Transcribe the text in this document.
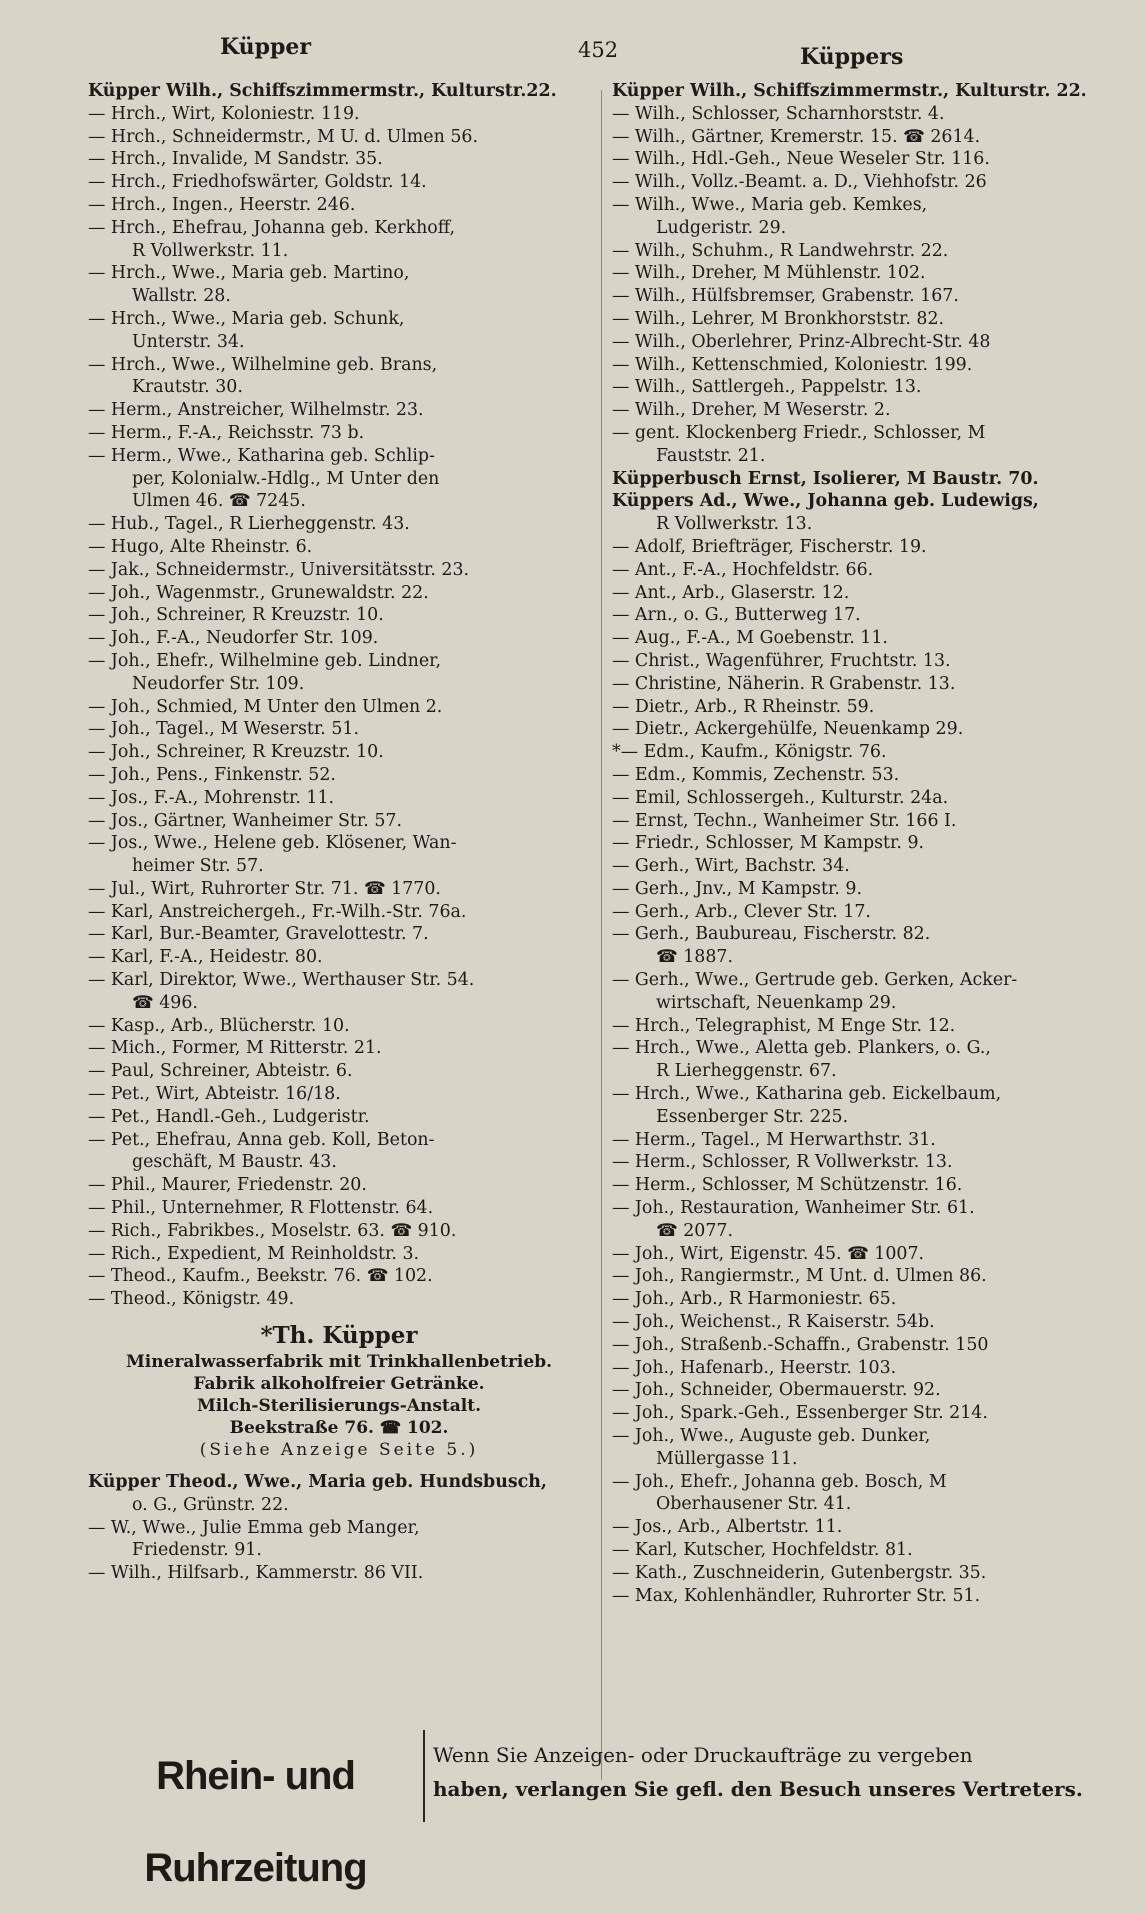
Küpper	452	Küppers

Küpper Wilh., Schiffszimmermstr., Kulturstr.22.

— Hrch., Wirt, Koloniestr. 119.

— Hrch., Schneidermstr., M U. d. Ulmen 56.

— Hrch., Invalide, M Sandstr. 35.

— Hrch., Friedhofswärter, Goldstr. 14.

— Hrch., Ingen., Heerstr. 246.

— Hrch., Ehefrau, Johanna geb. Kerkhoff,
R Vollwerkstr. 11.

— Hrch., Wwe., Maria geb. Martino,
Wallstr. 28.

— Hrch., Wwe., Maria geb. Schunk,
Unterstr. 34.

— Hrch., Wwe., Wilhelmine geb. Brans,
Krautstr. 30.

— Herm., Anstreicher, Wilhelmstr. 23.

— Herm., F.-A., Reichsstr. 73 b.

— Herm., Wwe., Katharina geb. Schlip-
per, Kolonialw.-Hdlg., M Unter den
Ulmen 46. ☎ 7245.

— Hub., Tagel., R Lierheggenstr. 43.

— Hugo, Alte Rheinstr. 6.

— Jak., Schneidermstr., Universitätsstr. 23.

— Joh., Wagenmstr., Grunewaldstr. 22.

— Joh., Schreiner, R Kreuzstr. 10.

— Joh., F.-A., Neudorfer Str. 109.

— Joh., Ehefr., Wilhelmine geb. Lindner,
Neudorfer Str. 109.

— Joh., Schmied, M Unter den Ulmen 2.

— Joh., Tagel., M Weserstr. 51.

— Joh., Schreiner, R Kreuzstr. 10.

— Joh., Pens., Finkenstr. 52.

— Jos., F.-A., Mohrenstr. 11.

— Jos., Gärtner, Wanheimer Str. 57.

— Jos., Wwe., Helene geb. Klösener, Wan-
heimer Str. 57.

— Jul., Wirt, Ruhrorter Str. 71. ☎ 1770.

— Karl, Anstreichergeh., Fr.-Wilh.-Str. 76a.

— Karl, Bur.-Beamter, Gravelottestr. 7.

— Karl, F.-A., Heidestr. 80.

— Karl, Direktor, Wwe., Werthauser Str. 54.
☎ 496.

— Kasp., Arb., Blücherstr. 10.

— Mich., Former, M Ritterstr. 21.

— Paul, Schreiner, Abteistr. 6.

— Pet., Wirt, Abteistr. 16/18.

— Pet., Handl.-Geh., Ludgeristr.

— Pet., Ehefrau, Anna geb. Koll, Beton-
geschäft, M Baustr. 43.

— Phil., Maurer, Friedenstr. 20.

— Phil., Unternehmer, R Flottenstr. 64.

— Rich., Fabrikbes., Moselstr. 63. ☎ 910.

— Rich., Expedient, M Reinholdstr. 3.

— Theod., Kaufm., Beekstr. 76. ☎ 102.

— Theod., Königstr. 49.

*Th. Küpper
Mineralwasserfabrik mit Trinkhallenbetrieb.
Fabrik alkoholfreier Getränke.
Milch-Sterilisierungs-Anstalt.
Beekstraße 76. ☎ 102.
(Siehe Anzeige Seite 5.)

Küpper Theod., Wwe., Maria geb. Hundsbusch,
o. G., Grünstr. 22.

— W., Wwe., Julie Emma geb Manger,
Friedenstr. 91.

— Wilh., Hilfsarb., Kammerstr. 86 VII.

Küpper Wilh., Schiffszimmermstr., Kulturstr. 22.

— Wilh., Schlosser, Scharnhorststr. 4.

— Wilh., Gärtner, Kremerstr. 15. ☎ 2614.

— Wilh., Hdl.-Geh., Neue Weseler Str. 116.

— Wilh., Vollz.-Beamt. a. D., Viehhofstr. 26

— Wilh., Wwe., Maria geb. Kemkes,
Ludgeristr. 29.

— Wilh., Schuhm., R Landwehrstr. 22.

— Wilh., Dreher, M Mühlenstr. 102.

— Wilh., Hülfsbremser, Grabenstr. 167.

— Wilh., Lehrer, M Bronkhorststr. 82.

— Wilh., Oberlehrer, Prinz-Albrecht-Str. 48

— Wilh., Kettenschmied, Koloniestr. 199.

— Wilh., Sattlergeh., Pappelstr. 13.

— Wilh., Dreher, M Weserstr. 2.

— gent. Klockenberg Friedr., Schlosser, M
Fauststr. 21.

Küpperbusch Ernst, Isolierer, M Baustr. 70.

Küppers Ad., Wwe., Johanna geb. Ludewigs,
R Vollwerkstr. 13.

— Adolf, Briefträger, Fischerstr. 19.

— Ant., F.-A., Hochfeldstr. 66.

— Ant., Arb., Glaserstr. 12.

— Arn., o. G., Butterweg 17.

— Aug., F.-A., M Goebenstr. 11.

— Christ., Wagenführer, Fruchtstr. 13.

— Christine, Näherin. R Grabenstr. 13.

— Dietr., Arb., R Rheinstr. 59.

— Dietr., Ackergehülfe, Neuenkamp 29.

*— Edm., Kaufm., Königstr. 76.

— Edm., Kommis, Zechenstr. 53.

— Emil, Schlossergeh., Kulturstr. 24a.

— Ernst, Techn., Wanheimer Str. 166 I.

— Friedr., Schlosser, M Kampstr. 9.

— Gerh., Wirt, Bachstr. 34.

— Gerh., Jnv., M Kampstr. 9.

— Gerh., Arb., Clever Str. 17.

— Gerh., Baubureau, Fischerstr. 82.
☎ 1887.

— Gerh., Wwe., Gertrude geb. Gerken, Acker-
wirtschaft, Neuenkamp 29.

— Hrch., Telegraphist, M Enge Str. 12.

— Hrch., Wwe., Aletta geb. Plankers, o. G.,
R Lierheggenstr. 67.

— Hrch., Wwe., Katharina geb. Eickelbaum,
Essenberger Str. 225.

— Herm., Tagel., M Herwarthstr. 31.

— Herm., Schlosser, R Vollwerkstr. 13.

— Herm., Schlosser, M Schützenstr. 16.

— Joh., Restauration, Wanheimer Str. 61.
☎ 2077.

— Joh., Wirt, Eigenstr. 45. ☎ 1007.

— Joh., Rangiermstr., M Unt. d. Ulmen 86.

— Joh., Arb., R Harmoniestr. 65.

— Joh., Weichenst., R Kaiserstr. 54b.

— Joh., Straßenb.-Schaffn., Grabenstr. 150

— Joh., Hafenarb., Heerstr. 103.

— Joh., Schneider, Obermauerstr. 92.

— Joh., Spark.-Geh., Essenberger Str. 214.

— Joh., Wwe., Auguste geb. Dunker,
Müllergasse 11.

— Joh., Ehefr., Johanna geb. Bosch, M
Oberhausener Str. 41.

— Jos., Arb., Albertstr. 11.

— Karl, Kutscher, Hochfeldstr. 81.

— Kath., Zuschneiderin, Gutenbergstr. 35.

— Max, Kohlenhändler, Ruhrorter Str. 51.

Rhein- und Ruhrzeitung
Wenn Sie Anzeigen- oder Druckaufträge zu vergeben
haben, verlangen Sie gefl. den Besuch unseres Vertreters.
